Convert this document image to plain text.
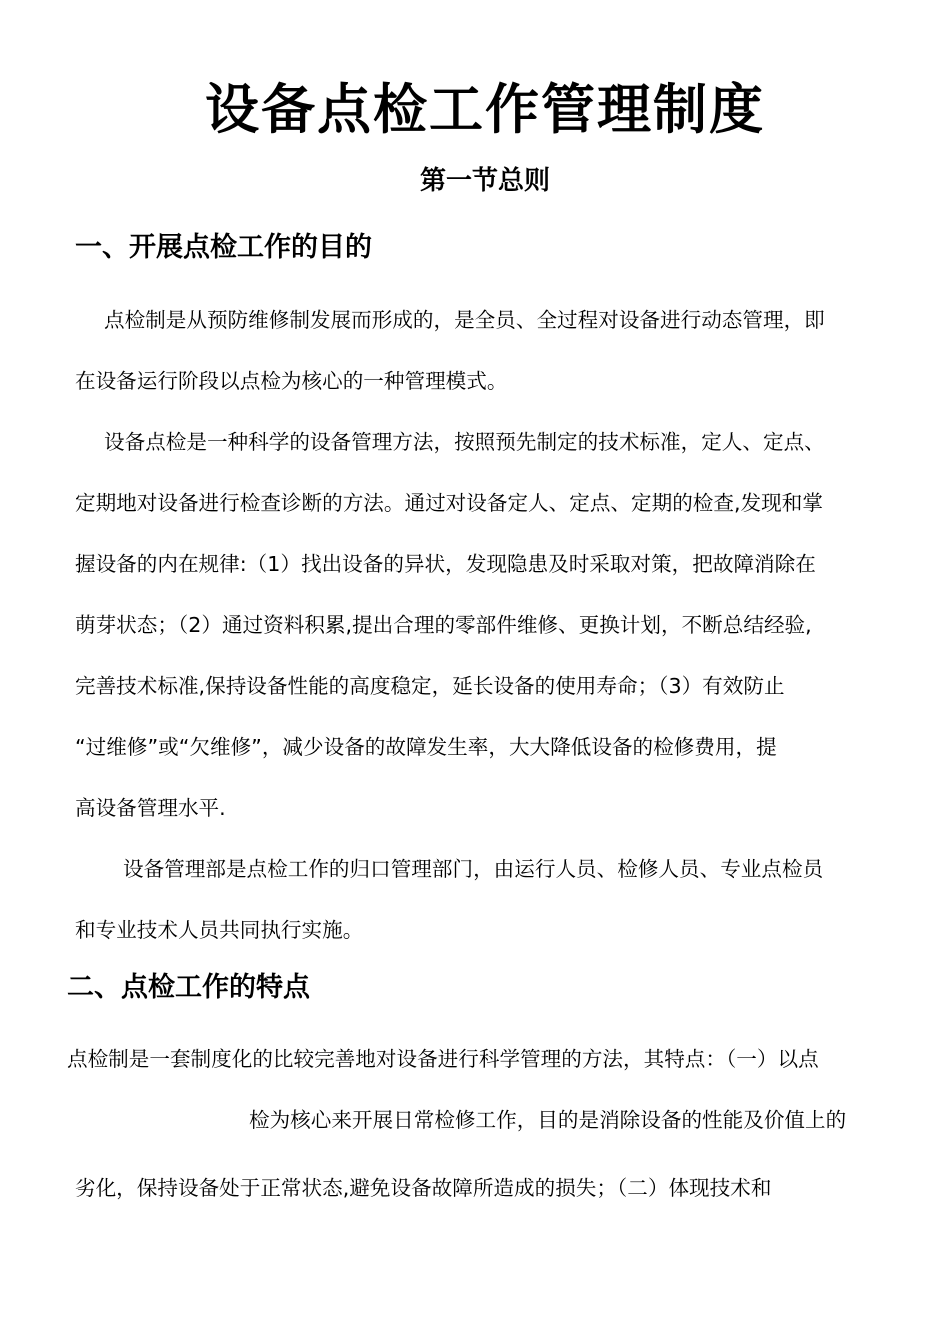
设备点检工作管理制度
第一节总则
一、开展点检工作的目的
点检制是从预防维修制发展而形成的，是全员、全过程对设备进行动态管理，即
在设备运行阶段以点检为核心的一种管理模式。
设备点检是一种科学的设备管理方法，按照预先制定的技术标准，定人、定点、
定期地对设备进行检查诊断的方法。通过对设备定人、定点、定期的检查,发现和掌
握设备的内在规律:（1）找出设备的异状，发现隐患及时采取对策，把故障消除在
萌芽状态；（2）通过资料积累,提出合理的零部件维修、更换计划，不断总结经验,
完善技术标准,保持设备性能的高度稳定，延长设备的使用寿命；（3）有效防止
“过维修”或“欠维修”，减少设备的故障发生率，大大降低设备的检修费用，提
高设备管理水平.
设备管理部是点检工作的归口管理部门，由运行人员、检修人员、专业点检员
和专业技术人员共同执行实施。
二、点检工作的特点
点检制是一套制度化的比较完善地对设备进行科学管理的方法，其特点：（一）以点
检为核心来开展日常检修工作，目的是消除设备的性能及价值上的
劣化，保持设备处于正常状态,避免设备故障所造成的损失；（二）体现技术和
